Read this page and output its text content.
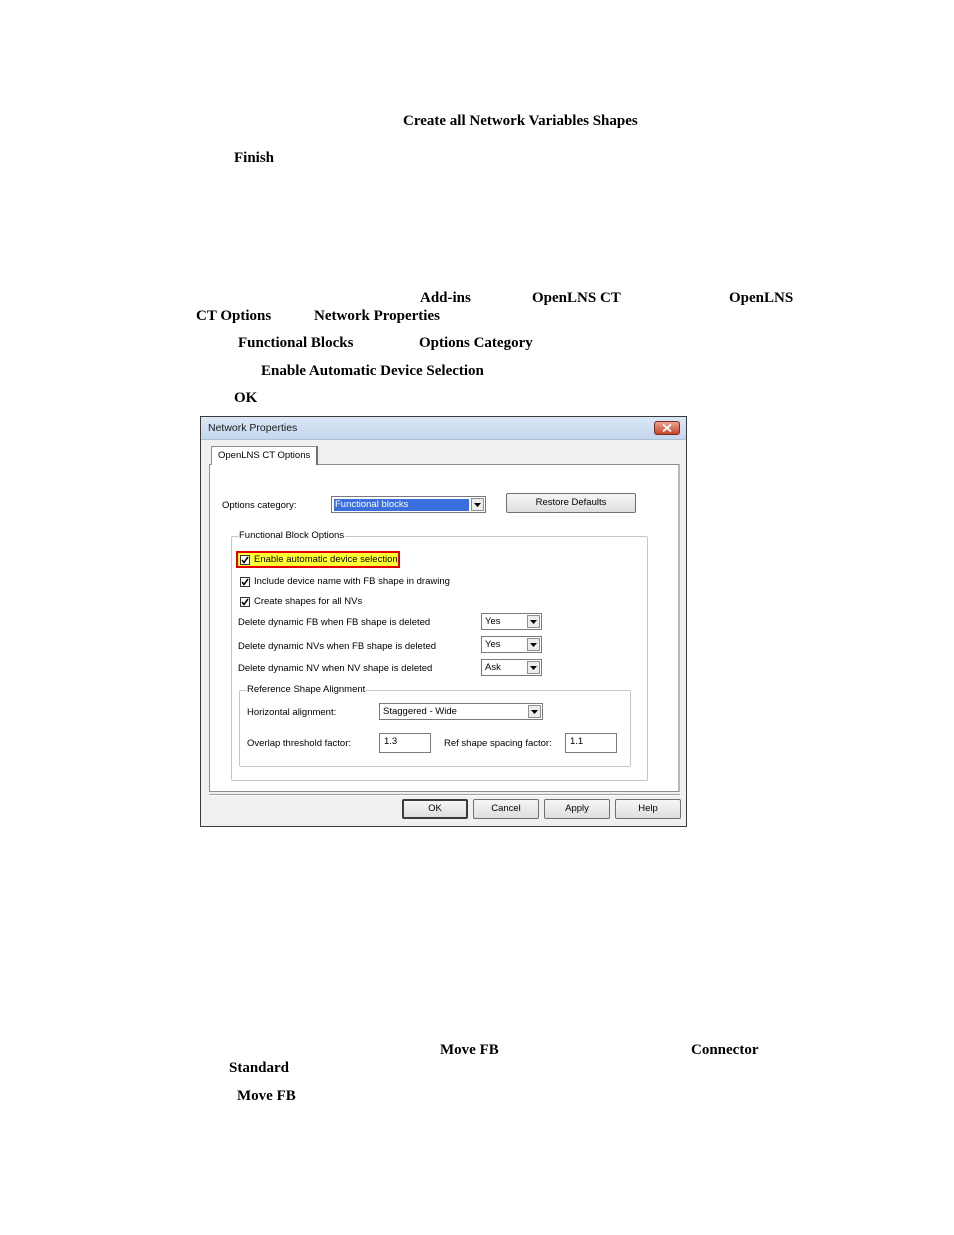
Create all Network Variables Shapes
Finish
Add-ins	OpenLNS CT	OpenLNS
CT Options	Network Properties
Functional Blocks	Options Category
Enable Automatic Device Selection
OK
Network Properties
OpenLNS CT Options
Options category:	Functional blocks	Restore Defaults
Functional Block Options
Enable automatic device selection
Include device name with FB shape in drawing
Create shapes for all NVs
Delete dynamic FB when FB shape is deleted	Yes
Delete dynamic NVs when FB shape is deleted	Yes
Delete dynamic NV when NV shape is deleted	Ask
Reference Shape Alignment
Horizontal alignment:	Staggered - Wide
Overlap threshold factor:	1.3	Ref shape spacing factor: 1.1
OK	Cancel	Apply	Help
Move FB	Connector
Standard
Move FB
